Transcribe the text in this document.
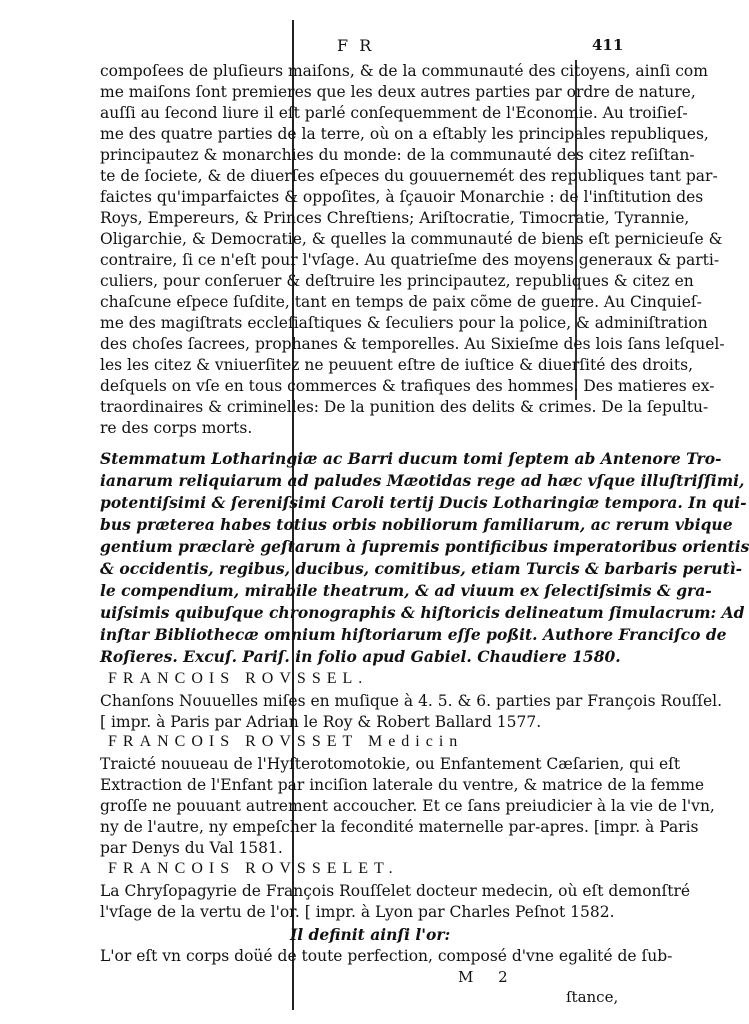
F R	411
compoſees de pluſieurs maiſons, & de la communauté des citoyens, ainſi com
me maiſons ſont premieres que les deux autres parties par ordre de nature,
auſſi au ſecond liure il eſt parlé conſequemment de l'Economie. Au troiſieſ-
me des quatre parties de la terre, où on a eſtably les principales republiques,
principautez & monarchies du monde: de la communauté des citez reſiſtan-
te de ſociete, & de diuerſes eſpeces du gouuernemét des republiques tant par-
faictes qu'imparfaictes & oppoſites, à ſçauoir Monarchie : de l'inſtitution des
Roys, Empereurs, & Princes Chreſtiens; Ariſtocratie, Timocratie, Tyrannie,
Oligarchie, & Democratie, & quelles la communauté de biens eſt pernicieuſe &
contraire, ſi ce n'eſt pour l'vſage. Au quatrieſme des moyens generaux & parti-
culiers, pour conſeruer & deſtruire les principautez, republiques & citez en
chaſcune eſpece ſuſdite, tant en temps de paix cõme de guerre. Au Cinquieſ-
me des magiſtrats eccleſiaſtiques & ſeculiers pour la police, & adminiſtration
des choſes ſacrees, prophanes & temporelles. Au Sixieſme des lois ſans leſquel-
les les citez & vniuerſitez ne peuuent eſtre de iuſtice & diuerſité des droits,
deſquels on vſe en tous commerces & trafiques des hommes. Des matieres ex-
traordinaires & criminelles: De la punition des delits & crimes. De la ſepultu-
re des corps morts.
Stemmatum Lotharingiæ ac Barri ducum tomi ſeptem ab Antenore Tro-
ianarum reliquiarum ad paludes Mæotidas rege ad hæc vſque illuſtriſſimi,
potentiſsimi & ſereniſsimi Caroli tertij Ducis Lotharingiæ tempora. In qui-
bus præterea habes totius orbis nobiliorum familiarum, ac rerum vbique
gentium præclarè geſtarum à ſupremis pontificibus imperatoribus orientis
& occidentis, regibus, ducibus, comitibus, etiam Turcis & barbaris perutì-
le compendium, mirabile theatrum, & ad viuum ex ſelectiſsimis & gra-
uiſsimis quibuſque chronographis & hiſtoricis delineatum ſimulacrum: Ad
inſtar Bibliothecæ omnium hiſtoriarum eſſe poßit. Authore Franciſco de
Roſieres. Excuſ. Pariſ. in folio apud Gabiel. Chaudiere 1580.
FRANCOIS ROVSSEL.
Chanſons Nouuelles miſes en muſique à 4. 5. & 6. parties par François Rouſſel.
[ impr. à Paris par Adrian le Roy & Robert Ballard 1577.
FRANCOIS ROVSSET Medicin
Traicté nouueau de l'Hyſterotomotokie, ou Enfantement Cæſarien, qui eſt
Extraction de l'Enfant par inciſion laterale du ventre, & matrice de la femme
groſſe ne pouuant autrement accoucher. Et ce ſans preiudicier à la vie de l'vn,
ny de l'autre, ny empeſcher la fecondité maternelle par-apres. [impr. à Paris
par Denys du Val 1581.
FRANCOIS ROVSSELET.
La Chryſopagyrie de François Rouſſelet docteur medecin, où eſt demonſtré
l'vſage de la vertu de l'or. [ impr. à Lyon par Charles Peſnot 1582.
Il definit ainſi l'or:
L'or eſt vn corps doüé de toute perfection, composé d'vne egalité de ſub-
M 2
ſtance,
